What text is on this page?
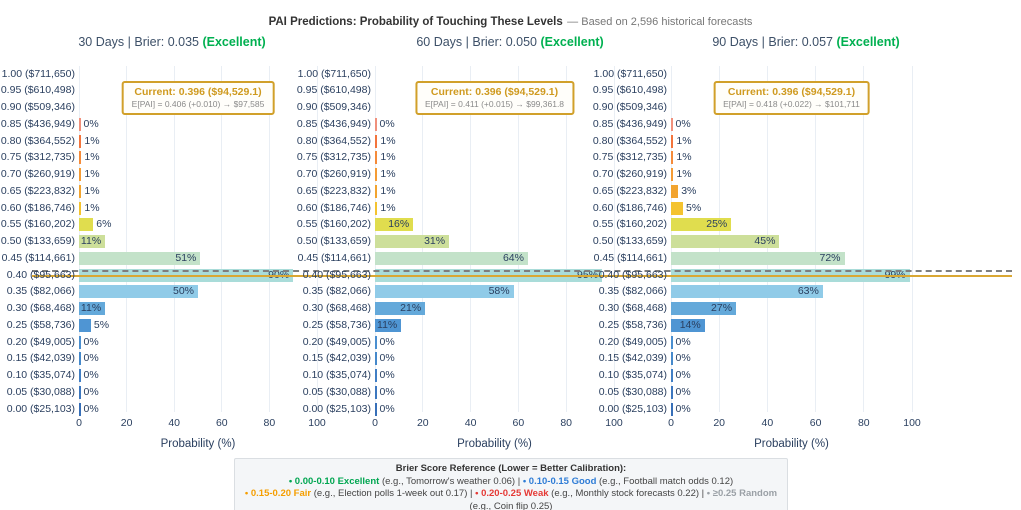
PAI Predictions: Probability of Touching These Levels — Based on 2,596 historical forecasts
0	20	40	60	80	100
Probability (%)
30 Days | Brier: 0.035 (Excellent)
1.00 ($711,650)
0.95 ($610,498)
0.90 ($509,346)
0.85 ($436,949) 0%
0.80 ($364,552) 1%
0.75 ($312,735) 1%
0.70 ($260,919) 1%
0.65 ($223,832) 1%
0.60 ($186,746) 1%
0.55 ($160,202) 6%
0.50 ($133,659) 11%
0.45 ($114,661)	51%
0.40 ($95,663)	90%
0.35 ($82,066)	50%
0.30 ($68,468) 11%
0.25 ($58,736) 5%
0.20 ($49,005) 0%
0.15 ($42,039) 0%
0.10 ($35,074) 0%
0.05 ($30,088) 0%
0.00 ($25,103) 0%
Current: 0.396 ($94,529.1)
E[PAI] = 0.406 (+0.010) → $97,585
0	20	40	60	80	100
Probability (%)
60 Days | Brier: 0.050 (Excellent)
1.00 ($711,650)
0.95 ($610,498)
0.90 ($509,346)
0.85 ($436,949) 0%
0.80 ($364,552) 1%
0.75 ($312,735) 1%
0.70 ($260,919) 1%
0.65 ($223,832) 1%
0.60 ($186,746) 1%
0.55 ($160,202) 16%
0.50 ($133,659)	31%
0.45 ($114,661)	64%
0.40 ($95,663)	95%
0.35 ($82,066)	58%
0.30 ($68,468)	21%
0.25 ($58,736) 11%
0.20 ($49,005) 0%
0.15 ($42,039) 0%
0.10 ($35,074) 0%
0.05 ($30,088) 0%
0.00 ($25,103) 0%
Current: 0.396 ($94,529.1)
E[PAI] = 0.411 (+0.015) → $99,361.8
0	20	40	60	80	100
Probability (%)
90 Days | Brier: 0.057 (Excellent)
1.00 ($711,650)
0.95 ($610,498)
0.90 ($509,346)
0.85 ($436,949) 0%
0.80 ($364,552) 1%
0.75 ($312,735) 1%
0.70 ($260,919) 1%
0.65 ($223,832) 3%
0.60 ($186,746) 5%
0.55 ($160,202)	25%
0.50 ($133,659)	45%
0.45 ($114,661)	72%
0.40 ($95,663)	99%
0.35 ($82,066)	63%
0.30 ($68,468)	27%
0.25 ($58,736) 14%
0.20 ($49,005) 0%
0.15 ($42,039) 0%
0.10 ($35,074) 0%
0.05 ($30,088) 0%
0.00 ($25,103) 0%
Current: 0.396 ($94,529.1)
E[PAI] = 0.418 (+0.022) → $101,711
Brier Score Reference (Lower = Better Calibration):
• 0.00-0.10 Excellent (e.g., Tomorrow's weather 0.06) | • 0.10-0.15 Good (e.g., Football match odds 0.12)
• 0.15-0.20 Fair (e.g., Election polls 1-week out 0.17) | • 0.20-0.25 Weak (e.g., Monthly stock forecasts 0.22) | • ≥0.25 Random (e.g., Coin flip 0.25)
